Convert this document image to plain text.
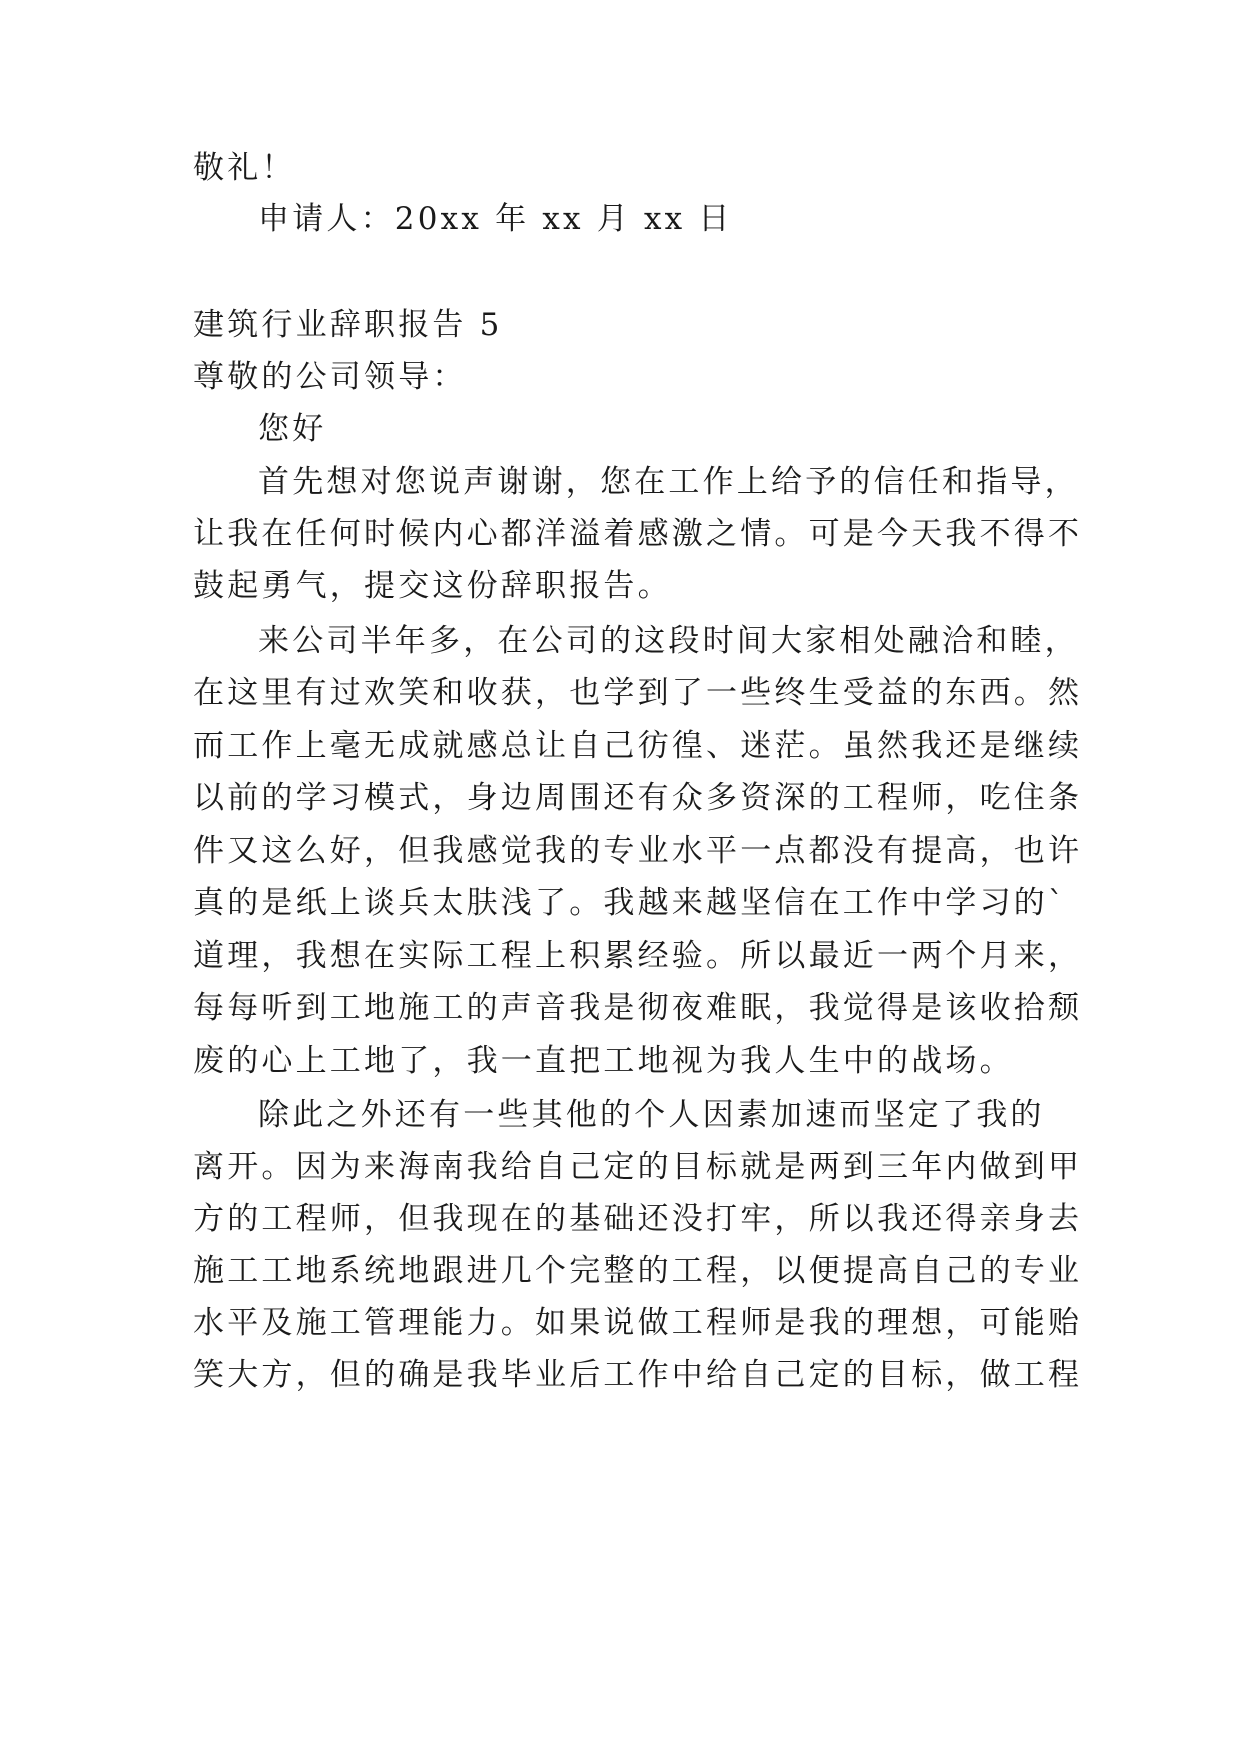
敬礼！
申请人：20xx 年 xx 月 xx 日
建筑行业辞职报告 5
尊敬的公司领导：
您好
首先想对您说声谢谢，您在工作上给予的信任和指导，
让我在任何时候内心都洋溢着感激之情。可是今天我不得不
鼓起勇气，提交这份辞职报告。
来公司半年多，在公司的这段时间大家相处融洽和睦，
在这里有过欢笑和收获，也学到了一些终生受益的东西。然
而工作上毫无成就感总让自己彷徨、迷茫。虽然我还是继续
以前的学习模式，身边周围还有众多资深的工程师，吃住条
件又这么好，但我感觉我的专业水平一点都没有提高，也许
真的是纸上谈兵太肤浅了。我越来越坚信在工作中学习的`
道理，我想在实际工程上积累经验。所以最近一两个月来，
每每听到工地施工的声音我是彻夜难眠，我觉得是该收拾颓
废的心上工地了，我一直把工地视为我人生中的战场。
除此之外还有一些其他的个人因素加速而坚定了我的
离开。因为来海南我给自己定的目标就是两到三年内做到甲
方的工程师，但我现在的基础还没打牢，所以我还得亲身去
施工工地系统地跟进几个完整的工程，以便提高自己的专业
水平及施工管理能力。如果说做工程师是我的理想，可能贻
笑大方，但的确是我毕业后工作中给自己定的目标，做工程
